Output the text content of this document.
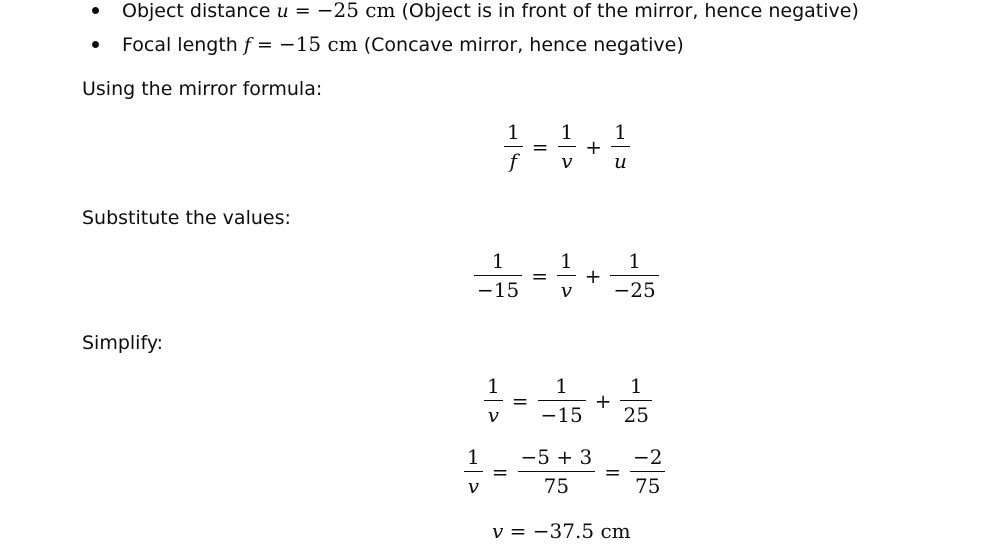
Object distance u = −25 cm (Object is in front of the mirror, hence negative)
Focal length f = −15 cm (Concave mirror, hence negative)
Using the mirror formula:
$\frac{1}{f} = \frac{1}{v} + \frac{1}{u}$
Substitute the values:
$\frac{1}{-15} = \frac{1}{v} + \frac{1}{-25}$
Simplify:
$\frac{1}{v} = \frac{1}{-15} + \frac{1}{25}$
$\frac{1}{v} = \frac{-5 + 3}{75} = \frac{-2}{75}$
v = −37.5 cm
